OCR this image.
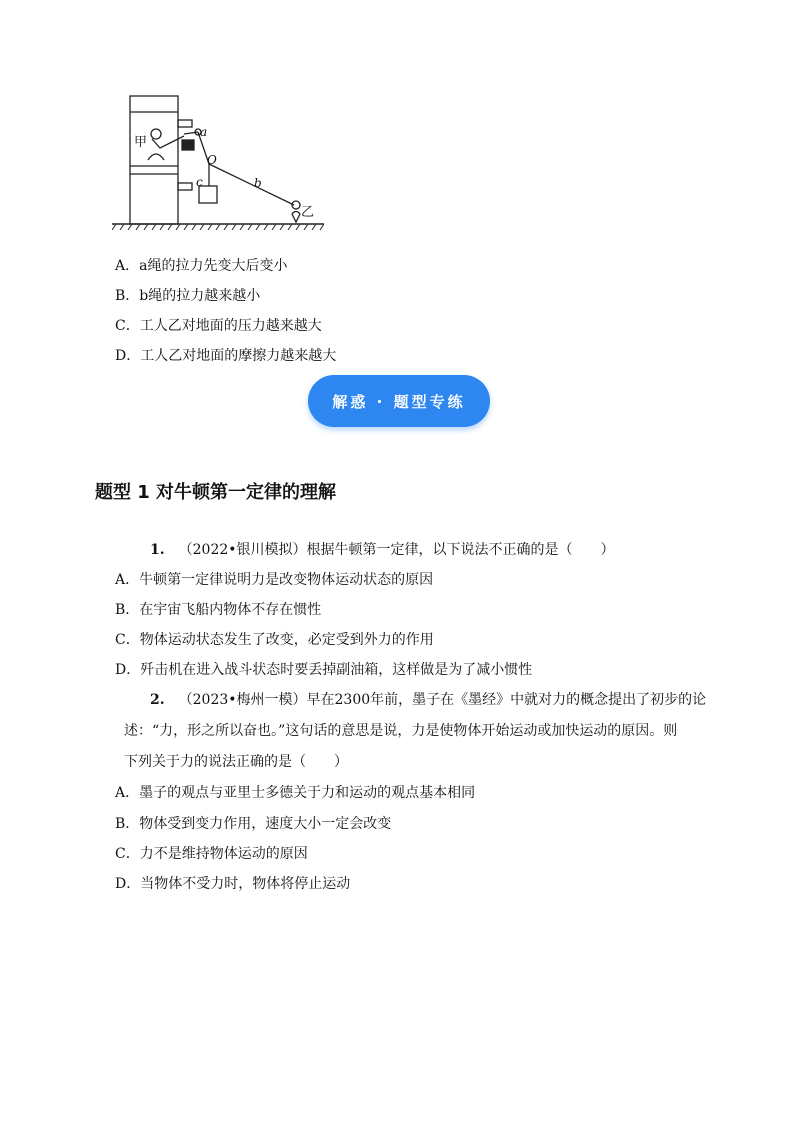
甲
乙
a
b
c
O
A．a绳的拉力先变大后变小
B．b绳的拉力越来越小
C．工人乙对地面的压力越来越大
D．工人乙对地面的摩擦力越来越大
解惑 · 题型专练
题型 1 对牛顿第一定律的理解
1. （2022•银川模拟）根据牛顿第一定律，以下说法不正确的是（　　）
A．牛顿第一定律说明力是改变物体运动状态的原因
B．在宇宙飞船内物体不存在惯性
C．物体运动状态发生了改变，必定受到外力的作用
D．歼击机在进入战斗状态时要丢掉副油箱，这样做是为了减小惯性
2. （2023•梅州一模）早在2300年前，墨子在《墨经》中就对力的概念提出了初步的论
述：“力，形之所以奋也。”这句话的意思是说，力是使物体开始运动或加快运动的原因。则
下列关于力的说法正确的是（　　）
A．墨子的观点与亚里士多德关于力和运动的观点基本相同
B．物体受到变力作用，速度大小一定会改变
C．力不是维持物体运动的原因
D．当物体不受力时，物体将停止运动
